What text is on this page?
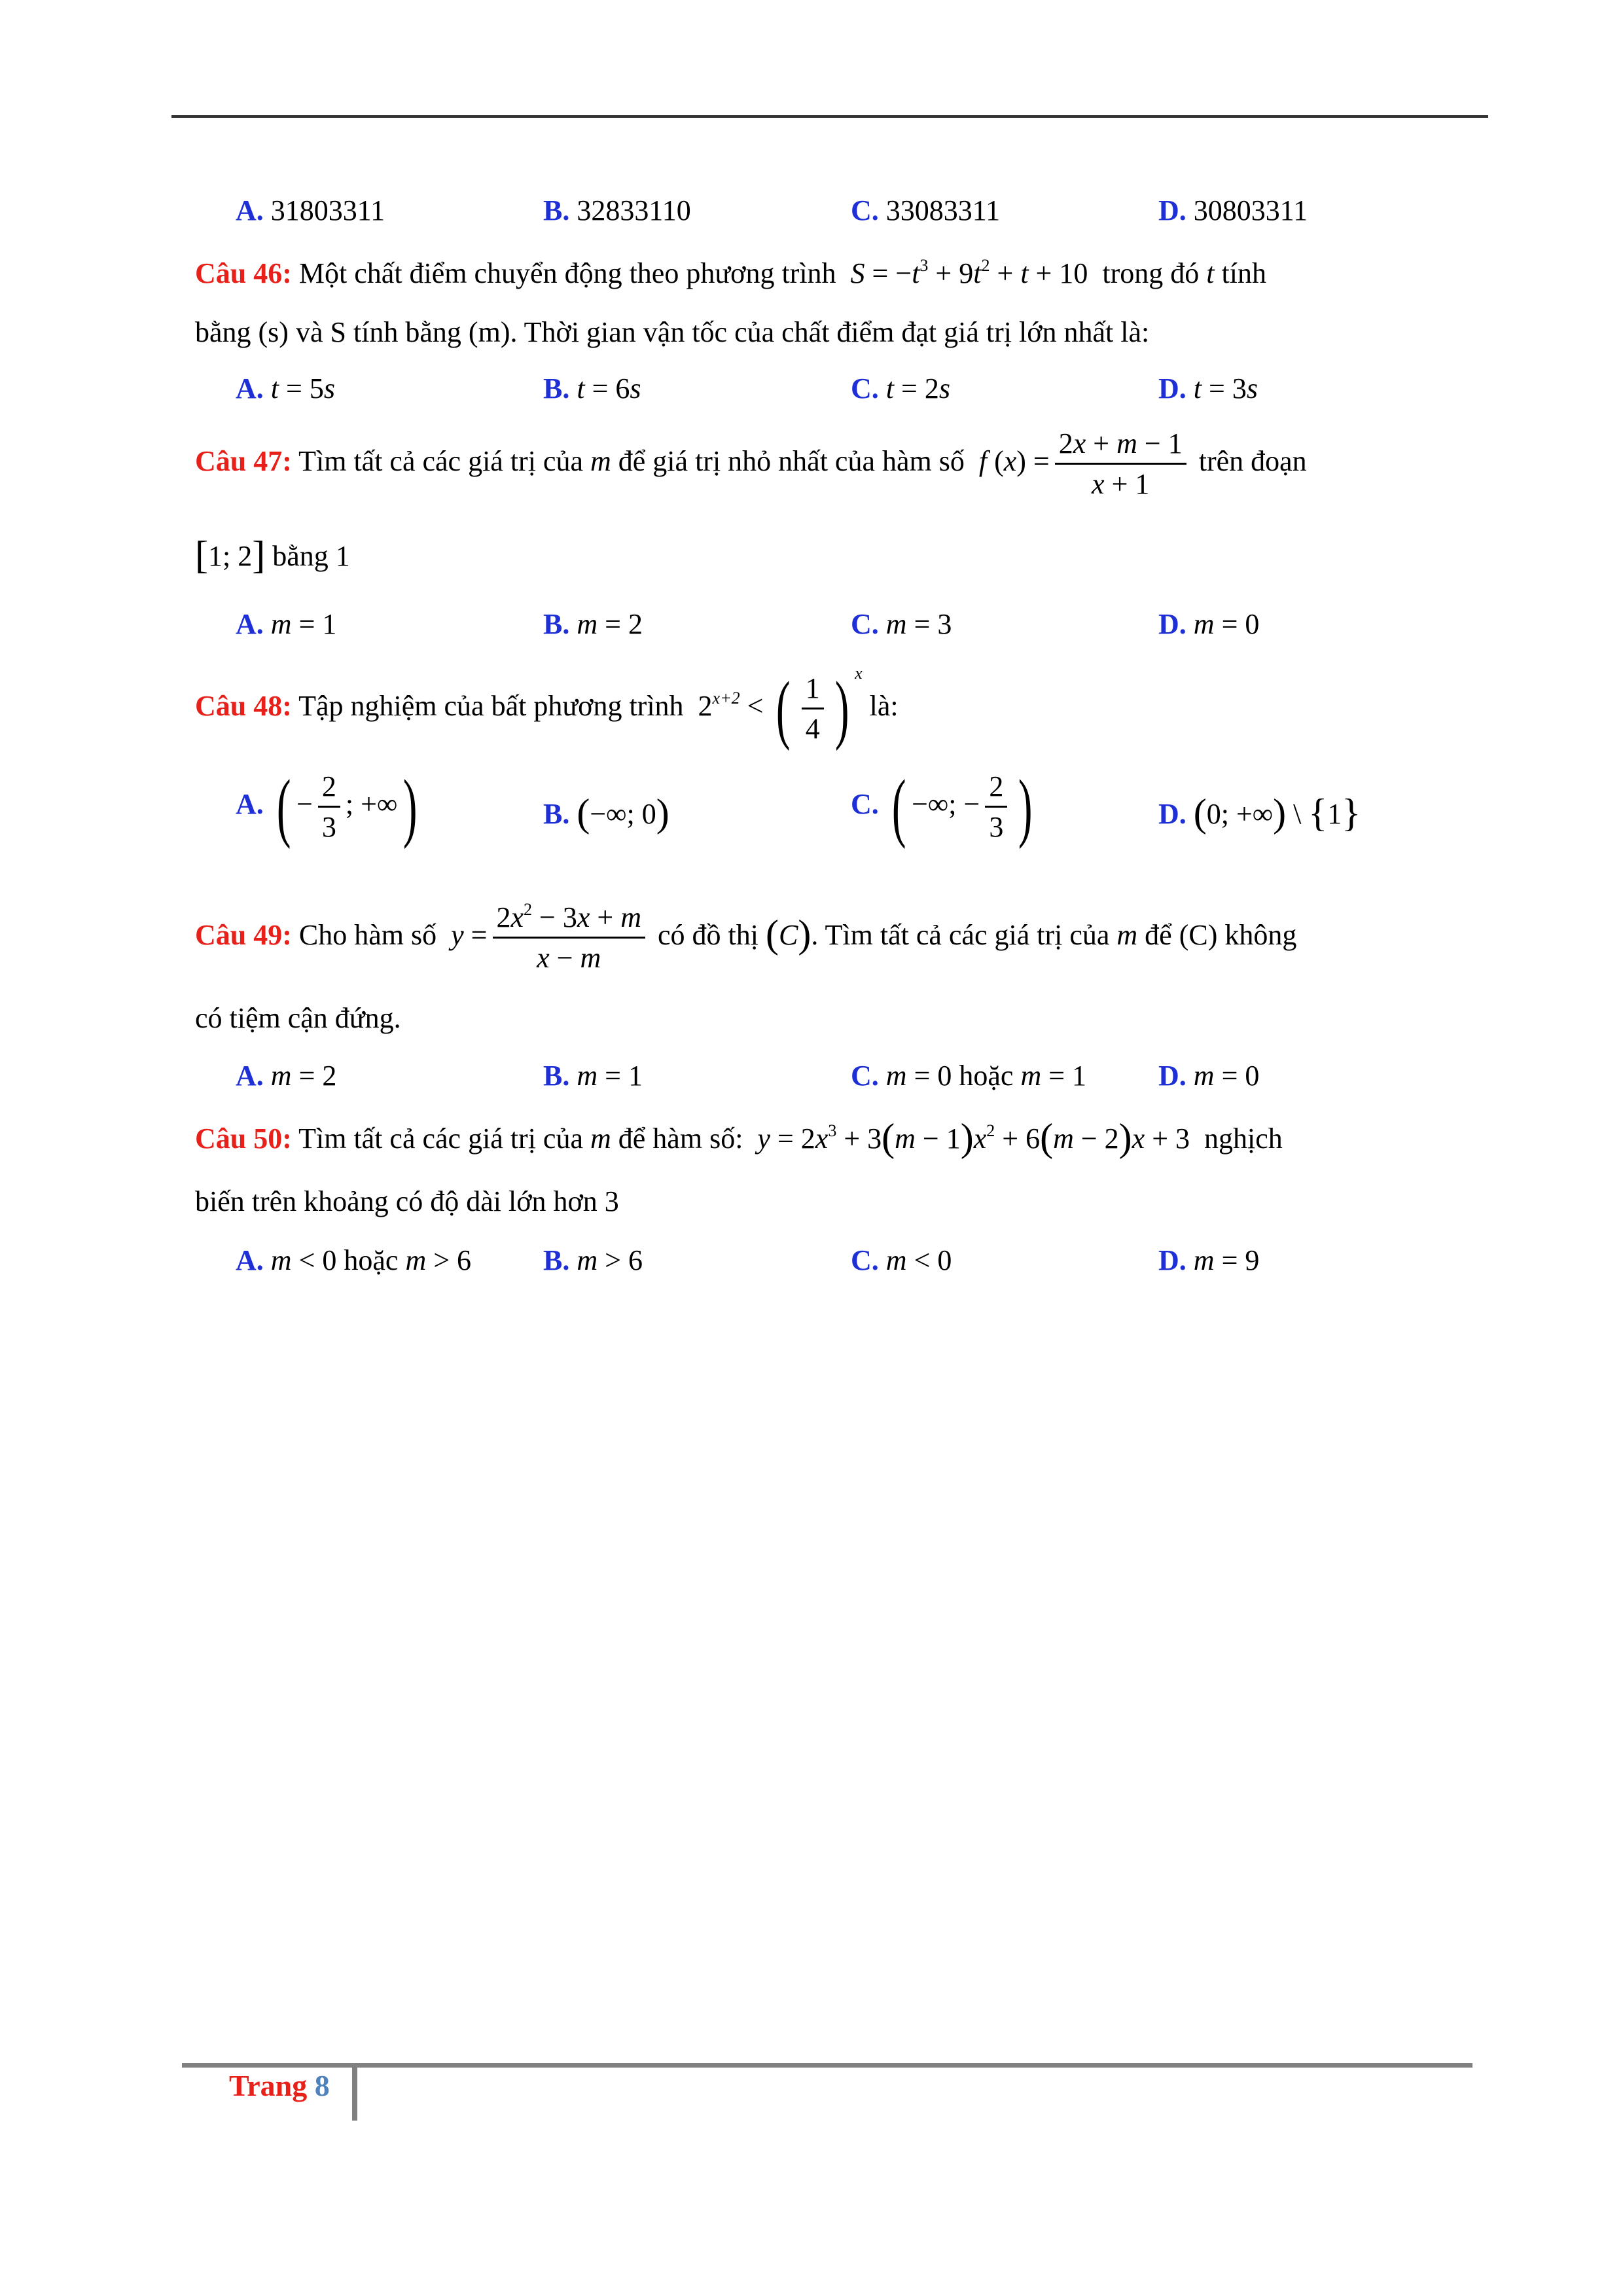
A. 31803311	B. 32833110	C. 33083311	D. 30803311
Câu 46: Một chất điểm chuyển động theo phương trình  $S = -t^3 + 9t^2 + t + 10$ trong đó t tính
bằng (s) và S tính bằng (m). Thời gian vận tốc của chất điểm đạt giá trị lớn nhất là:
A. t = 5s	B. t = 6s	C. t = 2s	D. t = 3s
Câu 47: Tìm tất cả các giá trị của m để giá trị nhỏ nhất của hàm số f $(x) = \frac{2x + m - 1}{x + 1}$ trên đoạn
[1; 2] bằng 1
A. m = 1	B. m = 2	C. m = 3	D. m = 0
Câu 48: Tập nghiệm của bất phương trình  $2^{x+2}$ < ( $\frac{1}{4}$ ) $^x$ là:
A. ( − $\frac{2}{3}$ ; +∞)	B. (−∞; 0)	C. ( −∞; − $\frac{2}{3}$ )	D. (0; +∞) \ {1}
Câu 49: Cho hàm số $y = \frac{2x^2 - 3x + m}{x - m}$ có đồ thị (C). Tìm tất cả các giá trị của m để (C) không
có tiệm cận đứng.
A. m = 2	B. m = 1	C. m = 0 hoặc m = 1 D. m = 0
Câu 50: Tìm tất cả các giá trị của m để hàm số: $y = 2x^3 + 3(m - 1)x^2 + 6(m - 2)x + 3$  nghịch
biến trên khoảng có độ dài lớn hơn 3
A. m < 0 hoặc m > 6 B. m > 6	C. m < 0	D. m = 9
Trang 8
